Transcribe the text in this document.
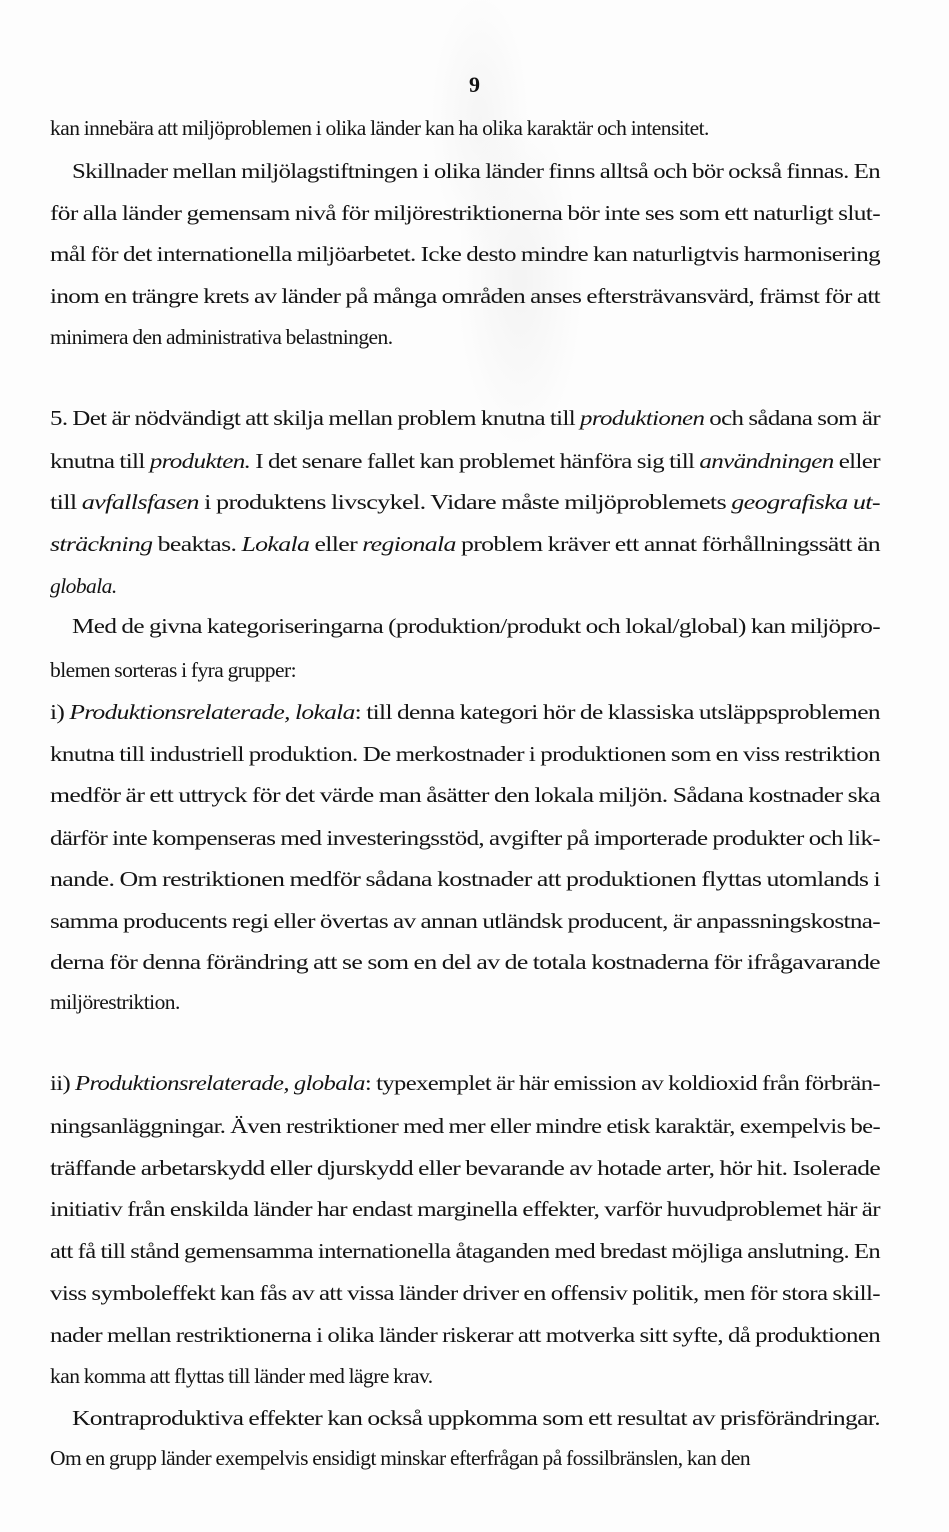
9
kan innebära att miljöproblemen i olika länder kan ha olika karaktär och intensitet.
Skillnader mellan miljölagstiftningen i olika länder finns alltså och bör också finnas. En
för alla länder gemensam nivå för miljörestriktionerna bör inte ses som ett naturligt slut-
mål för det internationella miljöarbetet. Icke desto mindre kan naturligtvis harmonisering
inom en trängre krets av länder på många områden anses eftersträvansvärd, främst för att
minimera den administrativa belastningen.
5. Det är nödvändigt att skilja mellan problem knutna till produktionen och sådana som är
knutna till produkten. I det senare fallet kan problemet hänföra sig till användningen eller
till avfallsfasen i produktens livscykel. Vidare måste miljöproblemets geografiska ut-
sträckning beaktas. Lokala eller regionala problem kräver ett annat förhållningssätt än
globala.
Med de givna kategoriseringarna (produktion/produkt och lokal/global) kan miljöpro-
blemen sorteras i fyra grupper:
i) Produktionsrelaterade, lokala: till denna kategori hör de klassiska utsläppsproblemen
knutna till industriell produktion. De merkostnader i produktionen som en viss restriktion
medför är ett uttryck för det värde man åsätter den lokala miljön. Sådana kostnader ska
därför inte kompenseras med investeringsstöd, avgifter på importerade produkter och lik-
nande. Om restriktionen medför sådana kostnader att produktionen flyttas utomlands i
samma producents regi eller övertas av annan utländsk producent, är anpassningskostna-
derna för denna förändring att se som en del av de totala kostnaderna för ifrågavarande
miljörestriktion.
ii) Produktionsrelaterade, globala: typexemplet är här emission av koldioxid från förbrän-
ningsanläggningar. Även restriktioner med mer eller mindre etisk karaktär, exempelvis be-
träffande arbetarskydd eller djurskydd eller bevarande av hotade arter, hör hit. Isolerade
initiativ från enskilda länder har endast marginella effekter, varför huvudproblemet här är
att få till stånd gemensamma internationella åtaganden med bredast möjliga anslutning. En
viss symboleffekt kan fås av att vissa länder driver en offensiv politik, men för stora skill-
nader mellan restriktionerna i olika länder riskerar att motverka sitt syfte, då produktionen
kan komma att flyttas till länder med lägre krav.
Kontraproduktiva effekter kan också uppkomma som ett resultat av prisförändringar.
Om en grupp länder exempelvis ensidigt minskar efterfrågan på fossilbränslen, kan den
